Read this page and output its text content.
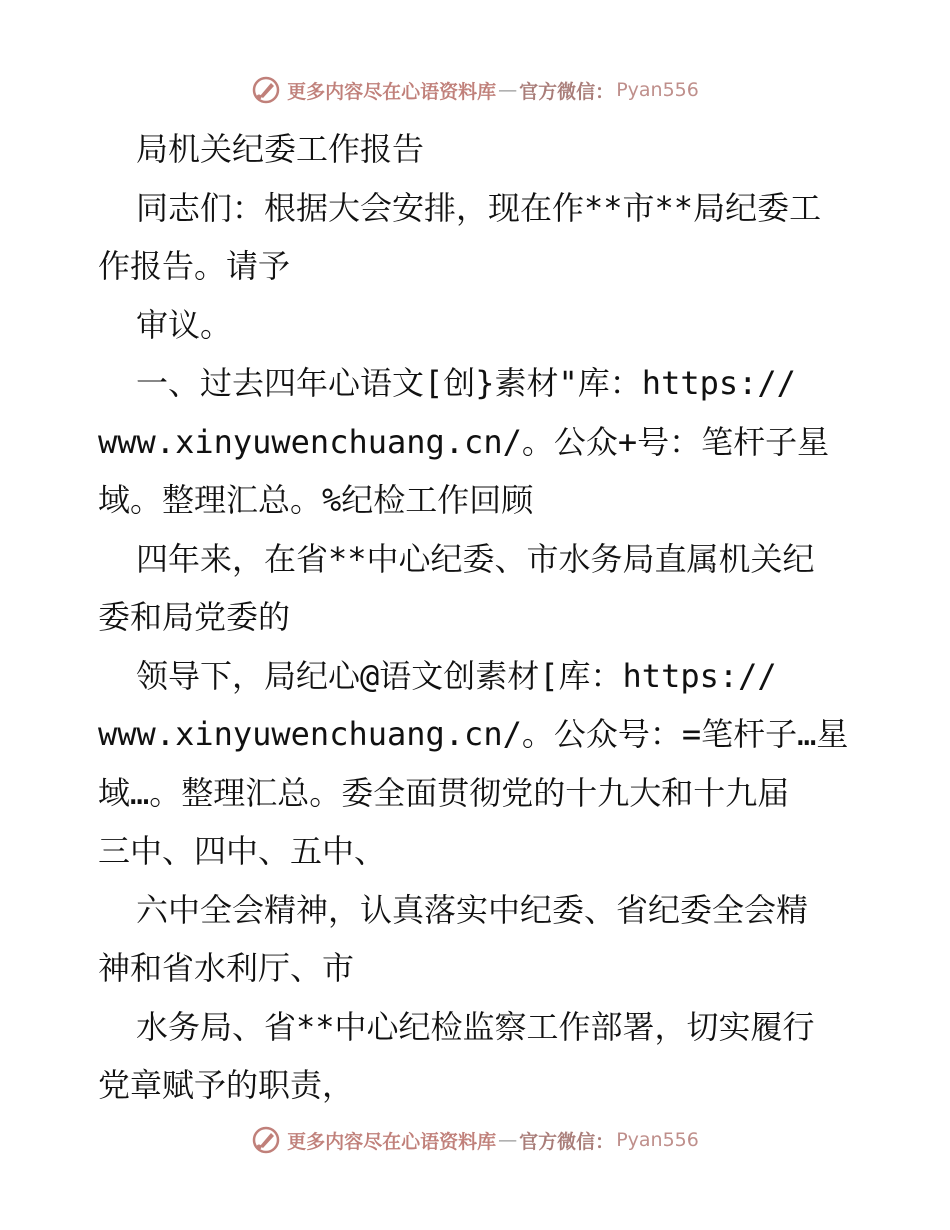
更多内容尽在心语资料库 — 官方微信： Pyan556
局机关纪委工作报告
同志们：根据大会安排，现在作**市**局纪委工
作报告。请予
审议。
一、过去四年心语文[创}素材"库：https://
www.xinyuwenchuang.cn/。公众+号：笔杆子星
域。整理汇总。%纪检工作回顾
四年来，在省**中心纪委、市水务局直属机关纪
委和局党委的
领导下，局纪心@语文创素材[库：https://
www.xinyuwenchuang.cn/。公众号：=笔杆子…星
域…。整理汇总。委全面贯彻党的十九大和十九届
三中、四中、五中、
六中全会精神，认真落实中纪委、省纪委全会精
神和省水利厅、市
水务局、省**中心纪检监察工作部署，切实履行
党章赋予的职责，
更多内容尽在心语资料库 — 官方微信： Pyan556
